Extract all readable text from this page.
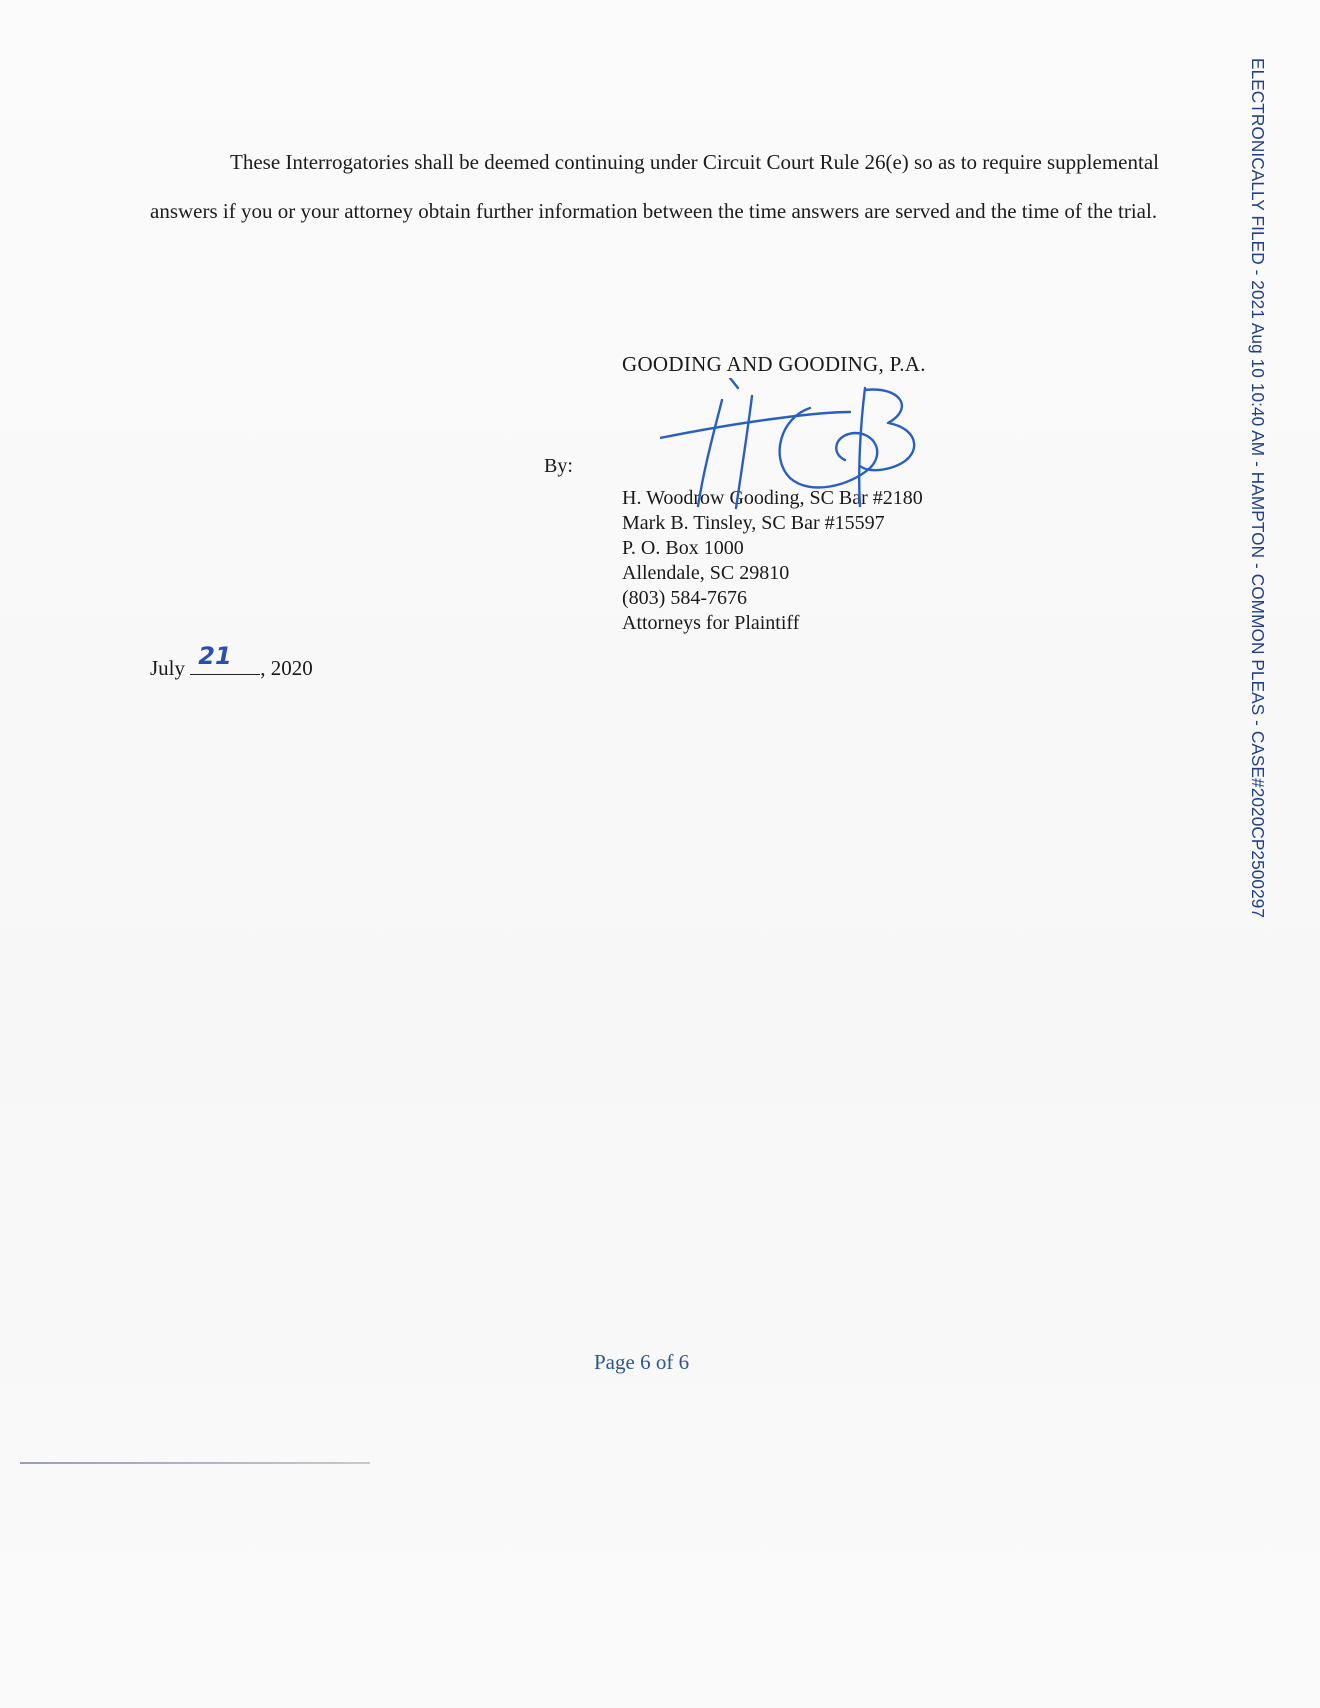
These Interrogatories shall be deemed continuing under Circuit Court Rule 26(e) so as to require supplemental answers if you or your attorney obtain further information between the time answers are served and the time of the trial.

GOODING AND GOODING, P.A.
By:
H. Woodrow Gooding, SC Bar #2180
Mark B. Tinsley, SC Bar #15597
P. O. Box 1000
Allendale, SC 29810
(803) 584-7676
Attorneys for Plaintiff
July 21 , 2020
Page 6 of 6
ELECTRONICALLY FILED - 2021 Aug 10 10:40 AM - HAMPTON - COMMON PLEAS - CASE#2020CP2500297
